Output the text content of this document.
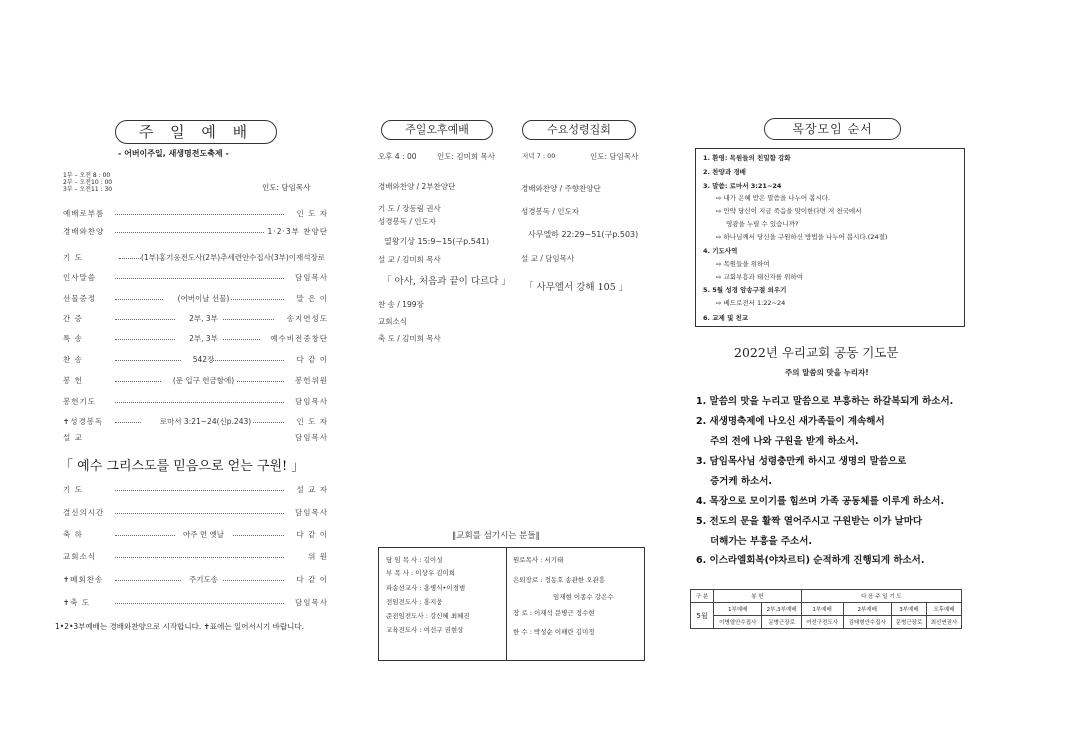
주 일 예 배
- 어버이주일, 새생명전도축제 -
1부 – 오전 8 : 00
2부 – 오전10 : 00
3부 – 오전11 : 30	인도: 담임목사
예배로부름	인 도 자
경배와찬양	1·2·3부 찬양단
기 도	(1부)홍기웅전도사(2부)추세련안수집사(3부)이재석장로
인사말씀	담임목사
선물증정	(어버이날 선물)	말 은 이
간 증	2부, 3부	송지연성도
특 송	2부, 3부	예수비전중창단
찬 송	542장	다 같 이
봉 헌	(문 입구 헌금함에)	봉헌위원
봉헌기도	담임목사
✝성경봉독	로마서 3:21~24(신p.243)	인 도 자
설 교	담임목사
「 예수 그리스도를 믿음으로 얻는 구원! 」
기 도	설 교 자
결신의시간	담임목사
축 하	아주 먼 옛날	다 같 이
교회소식	위 원
✝폐회찬송	주기도송	다 같 이
✝축 도	담임목사
1•2•3부예배는 경배와찬양으로 시작합니다. ✝표에는 일어서시기 바랍니다.
주일오후예배	수요성령집회
오후 4 : 00	인도: 김미희 목사	저녁 7 : 00	인도: 담임목사
경배와찬양 / 2부찬양단
기 도 / 장동림 권사
성경봉독 / 인도자
열왕기상 15:9~15(구p.541)
설 교 / 김미희 목사
「 아사, 처음과 끝이 다르다 」
찬 송 / 199장
교회소식
축 도 / 김미희 목사
경배와찬양 / 주향찬양단
성경봉독 / 인도자
사무엘하 22:29~51(구p.503)
설 교 / 담임목사
「 사무엘서 강해 105 」
‖교회를 섬기시는 분들‖
담 임 목 사 : 김이성
부 목 사 : 이상우 김미희
파송선교사 : 홍병식•이경범
전임전도사 : 홍지웅
준전임전도사 : 강신혜 최혜진
교육전도사 : 여선구 권현상
원로목사 : 서기태
은퇴장로 : 정동호 송관한 오관흥
임재현 이종수 강은수
장 로 : 이재석 문병근 정수현
한 수 : 박성순 이해란 김미정
목장모임 순서
1. 환영: 목원들의 친밀함 강화
2. 찬양과 경배
3. 말씀: 로마서 3:21~24
⇨ 내가 은혜 받은 말씀을 나누어 봅시다.
⇨ 만약 당신이 지금 죽음을 맞이한다면 저 천국에서
영광을 누릴 수 있습니까?
⇨ 하나님께서 당신을 구원하신 방법을 나누어 봅시다.(24절)
4. 기도사역
⇨ 목원들을 위하여
⇨ 교회부흥과 태신자를 위하여
5. 5월 성경 암송구절 외우기
⇨ 베드로전서 1:22~24
6. 교제 및 친교
2022년 우리교회 공동 기도문
주의 말씀의 맛을 누리자!
1. 말씀의 맛을 누리고 말씀으로 부흥하는 하갈복되게 하소서.
2. 새생명축제에 나오신 새가족들이 계속해서
주의 전에 나와 구원을 받게 하소서.
3. 담임목사님 성령충만케 하시고 생명의 말씀으로
증거케 하소서.
4. 목장으로 모이기를 힘쓰며 가족 공동체를 이루게 하소서.
5. 전도의 문을 활짝 열어주시고 구원받는 이가 날마다
더해가는 부흥을 주소서.
6. 이스라엘회복(야차르티) 순적하게 진행되게 하소서.
구 분	봉 헌		다 음 주 일 기 도			
5월	1부예배	2부,3부예배	1부예배	2부예배	3부예배	오후예배
	이병열안수집사	문병근장로	여선구전도사	김태형안수집사	문병근장로	최선연권사
